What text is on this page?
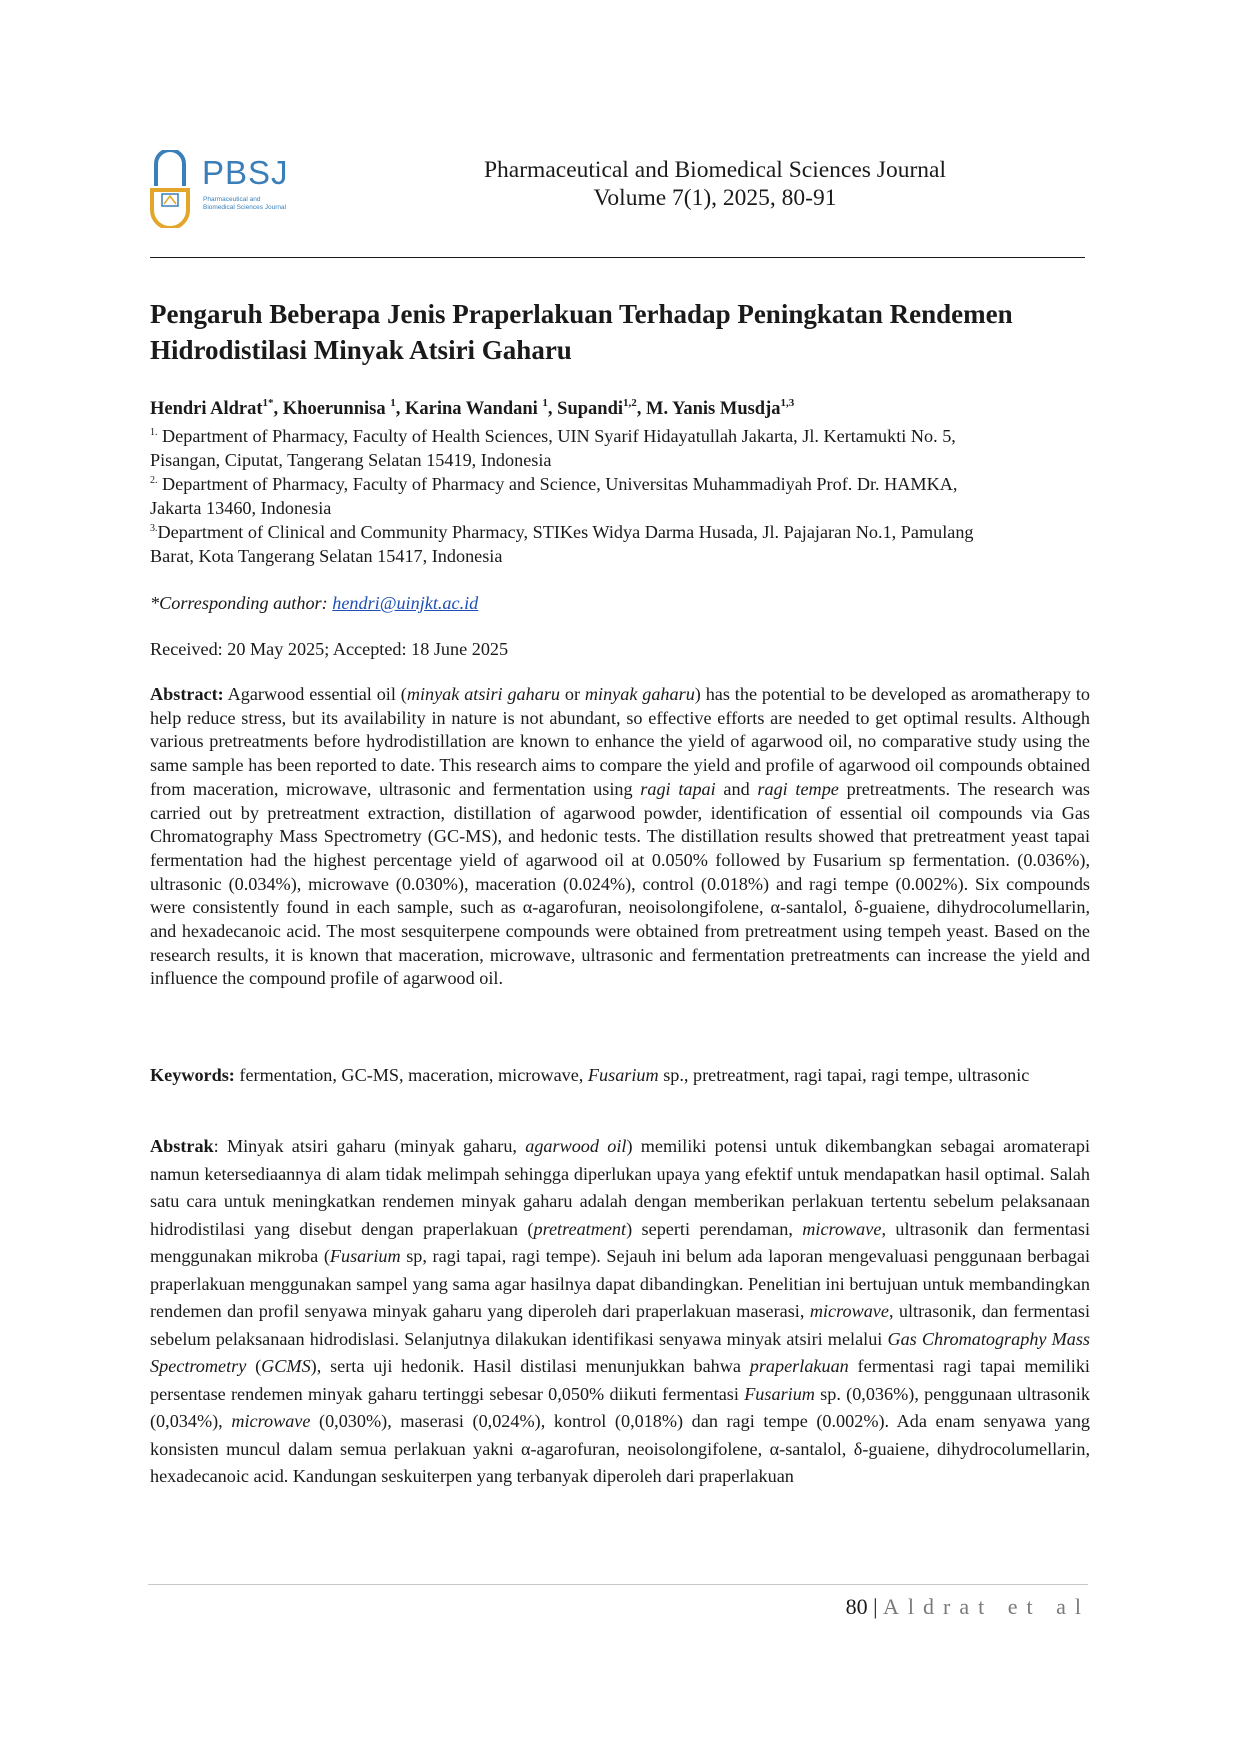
PBSJ
Pharmaceutical and
Biomedical Sciences Journal
Pharmaceutical and Biomedical Sciences Journal
Volume 7(1), 2025, 80-91
Pengaruh Beberapa Jenis Praperlakuan Terhadap Peningkatan Rendemen
Hidrodistilasi Minyak Atsiri Gaharu
Hendri Aldrat$^{1*}$, Khoerunnisa $^1$, Karina Wandani $^1$, Supandi$^{1,2}$, M. Yanis Musdja$^{1,3}$

$^{1.}$ Department of Pharmacy, Faculty of Health Sciences, UIN Syarif Hidayatullah Jakarta, Jl. Kertamukti No. 5,
Pisangan, Ciputat, Tangerang Selatan 15419, Indonesia

$^{2.}$ Department of Pharmacy, Faculty of Pharmacy and Science, Universitas Muhammadiyah Prof. Dr. HAMKA,
Jakarta 13460, Indonesia

$^{3.}$Department of Clinical and Community Pharmacy, STIKes Widya Darma Husada, Jl. Pajajaran No.1, Pamulang
Barat, Kota Tangerang Selatan 15417, Indonesia

*Corresponding author: hendri@uinjkt.ac.id
Received: 20 May 2025; Accepted: 18 June 2025
Abstract: Agarwood essential oil (minyak atsiri gaharu or minyak gaharu) has the potential to be developed as aromatherapy to help reduce stress, but its availability in nature is not abundant, so effective efforts are needed to get optimal results. Although various pretreatments before hydrodistillation are known to enhance the yield of agarwood oil, no comparative study using the same sample has been reported to date. This research aims to compare the yield and profile of agarwood oil compounds obtained from maceration, microwave, ultrasonic and fermentation using ragi tapai and ragi tempe pretreatments. The research was carried out by pretreatment extraction, distillation of agarwood powder, identification of essential oil compounds via Gas Chromatography Mass Spectrometry (GC-MS), and hedonic tests. The distillation results showed that pretreatment yeast tapai fermentation had the highest percentage yield of agarwood oil at 0.050% followed by Fusarium sp fermentation. (0.036%), ultrasonic (0.034%), microwave (0.030%), maceration (0.024%), control (0.018%) and ragi tempe (0.002%). Six compounds were consistently found in each sample, such as α-agarofuran, neoisolongifolene, α-santalol, δ-guaiene, dihydrocolumellarin, and hexadecanoic acid. The most sesquiterpene compounds were obtained from pretreatment using tempeh yeast. Based on the research results, it is known that maceration, microwave, ultrasonic and fermentation pretreatments can increase the yield and influence the compound profile of agarwood oil.
Keywords: fermentation, GC-MS, maceration, microwave, Fusarium sp., pretreatment, ragi tapai, ragi tempe, ultrasonic
Abstrak: Minyak atsiri gaharu (minyak gaharu, agarwood oil) memiliki potensi untuk dikembangkan sebagai aromaterapi namun ketersediaannya di alam tidak melimpah sehingga diperlukan upaya yang efektif untuk mendapatkan hasil optimal. Salah satu cara untuk meningkatkan rendemen minyak gaharu adalah dengan memberikan perlakuan tertentu sebelum pelaksanaan hidrodistilasi yang disebut dengan praperlakuan (pretreatment) seperti perendaman, microwave, ultrasonik dan fermentasi menggunakan mikroba (Fusarium sp, ragi tapai, ragi tempe). Sejauh ini belum ada laporan mengevaluasi penggunaan berbagai praperlakuan menggunakan sampel yang sama agar hasilnya dapat dibandingkan. Penelitian ini bertujuan untuk membandingkan rendemen dan profil senyawa minyak gaharu yang diperoleh dari praperlakuan maserasi, microwave, ultrasonik, dan fermentasi sebelum pelaksanaan hidrodislasi. Selanjutnya dilakukan identifikasi senyawa minyak atsiri melalui Gas Chromatography Mass Spectrometry (GCMS), serta uji hedonik. Hasil distilasi menunjukkan bahwa praperlakuan fermentasi ragi tapai memiliki persentase rendemen minyak gaharu tertinggi sebesar 0,050% diikuti fermentasi Fusarium sp. (0,036%), penggunaan ultrasonik (0,034%), microwave (0,030%), maserasi (0,024%), kontrol (0,018%) dan ragi tempe (0.002%). Ada enam senyawa yang konsisten muncul dalam semua perlakuan yakni α-agarofuran, neoisolongifolene, α-santalol, δ-guaiene, dihydrocolumellarin, hexadecanoic acid. Kandungan seskuiterpen yang terbanyak diperoleh dari praperlakuan
80 | Aldrat et al
